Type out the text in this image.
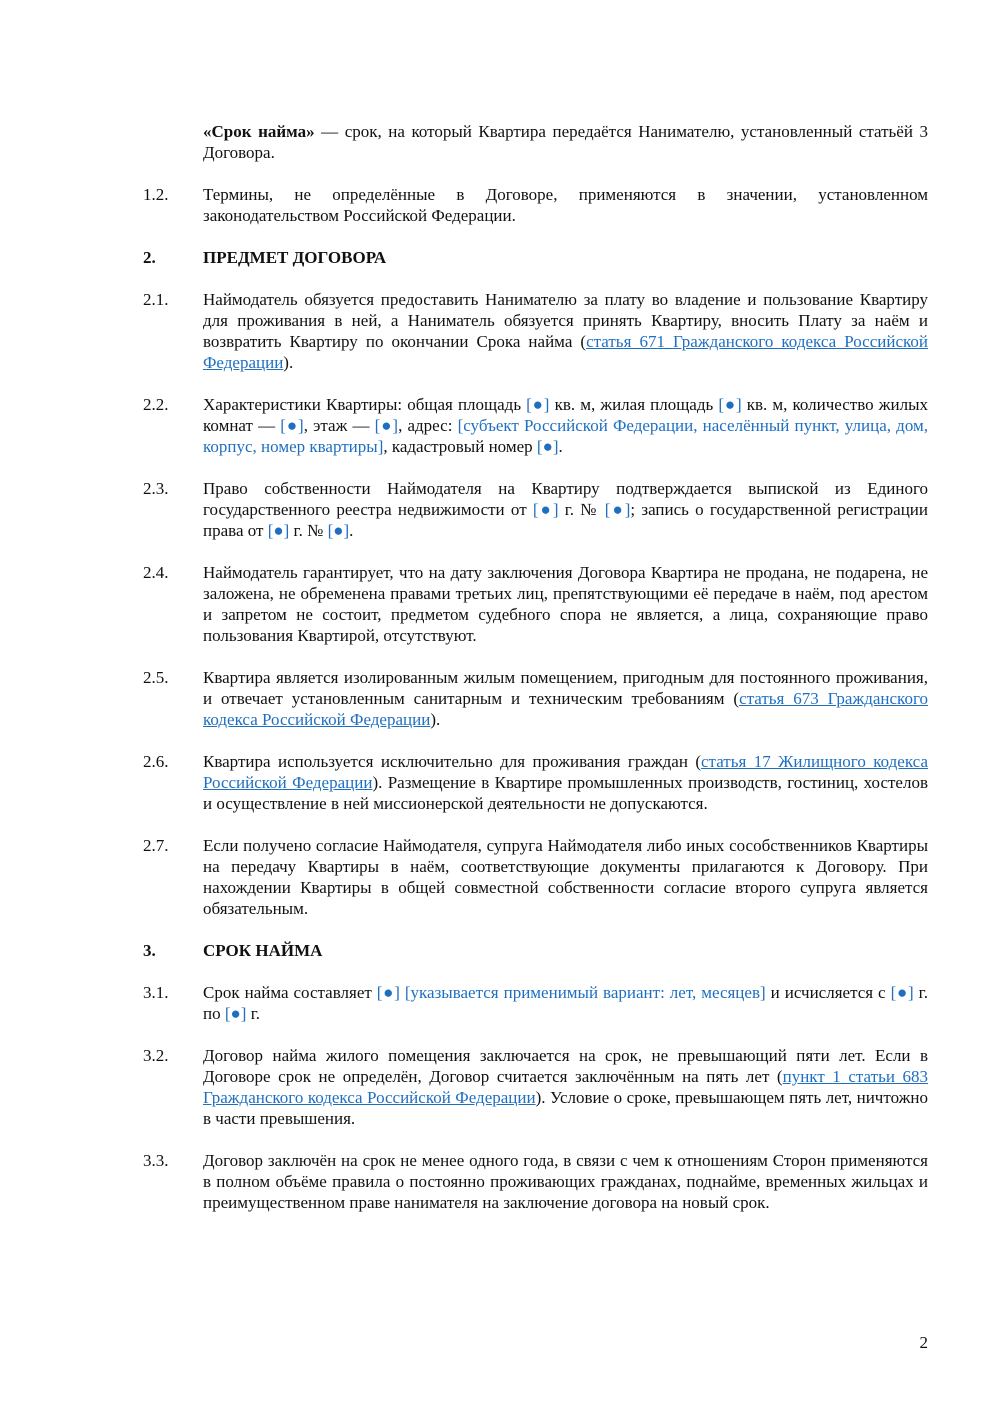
«Срок найма» — срок, на который Квартира передаётся Нанимателю, установленный статьёй 3 Договора.

1.2.	Термины, не определённые в Договоре, применяются в значении, установленном законодательством Российской Федерации.
2.	ПРЕДМЕТ ДОГОВОРА
2.1.	Наймодатель обязуется предоставить Нанимателю за плату во владение и пользование Квартиру для проживания в ней, а Наниматель обязуется принять Квартиру, вносить Плату за наём и возвратить Квартиру по окончании Срока найма (статья 671 Гражданского кодекса Российской Федерации).
2.2.	Характеристики Квартиры: общая площадь [●] кв. м, жилая площадь [●] кв. м, количество жилых комнат — [●], этаж — [●], адрес: [субъект Российской Федерации, населённый пункт, улица, дом, корпус, номер квартиры], кадастровый номер [●].
2.3.	Право собственности Наймодателя на Квартиру подтверждается выпиской из Единого государственного реестра недвижимости от [●] г. № [●]; запись о государственной регистрации права от [●] г. № [●].
2.4.	Наймодатель гарантирует, что на дату заключения Договора Квартира не продана, не подарена, не заложена, не обременена правами третьих лиц, препятствующими её передаче в наём, под арестом и запретом не состоит, предметом судебного спора не является, а лица, сохраняющие право пользования Квартирой, отсутствуют.
2.5.	Квартира является изолированным жилым помещением, пригодным для постоянного проживания, и отвечает установленным санитарным и техническим требованиям (статья 673 Гражданского кодекса Российской Федерации).
2.6.	Квартира используется исключительно для проживания граждан (статья 17 Жилищного кодекса Российской Федерации). Размещение в Квартире промышленных производств, гостиниц, хостелов и осуществление в ней миссионерской деятельности не допускаются.
2.7.	Если получено согласие Наймодателя, супруга Наймодателя либо иных сособственников Квартиры на передачу Квартиры в наём, соответствующие документы прилагаются к Договору. При нахождении Квартиры в общей совместной собственности согласие второго супруга является обязательным.
3.	СРОК НАЙМА
3.1.	Срок найма составляет [●] [указывается применимый вариант: лет, месяцев] и исчисляется с [●] г. по [●] г.
3.2.	Договор найма жилого помещения заключается на срок, не превышающий пяти лет. Если в Договоре срок не определён, Договор считается заключённым на пять лет (пункт 1 статьи 683 Гражданского кодекса Российской Федерации). Условие о сроке, превышающем пять лет, ничтожно в части превышения.
3.3.	Договор заключён на срок не менее одного года, в связи с чем к отношениям Сторон применяются в полном объёме правила о постоянно проживающих гражданах, поднайме, временных жильцах и преимущественном праве нанимателя на заключение договора на новый срок.
2
